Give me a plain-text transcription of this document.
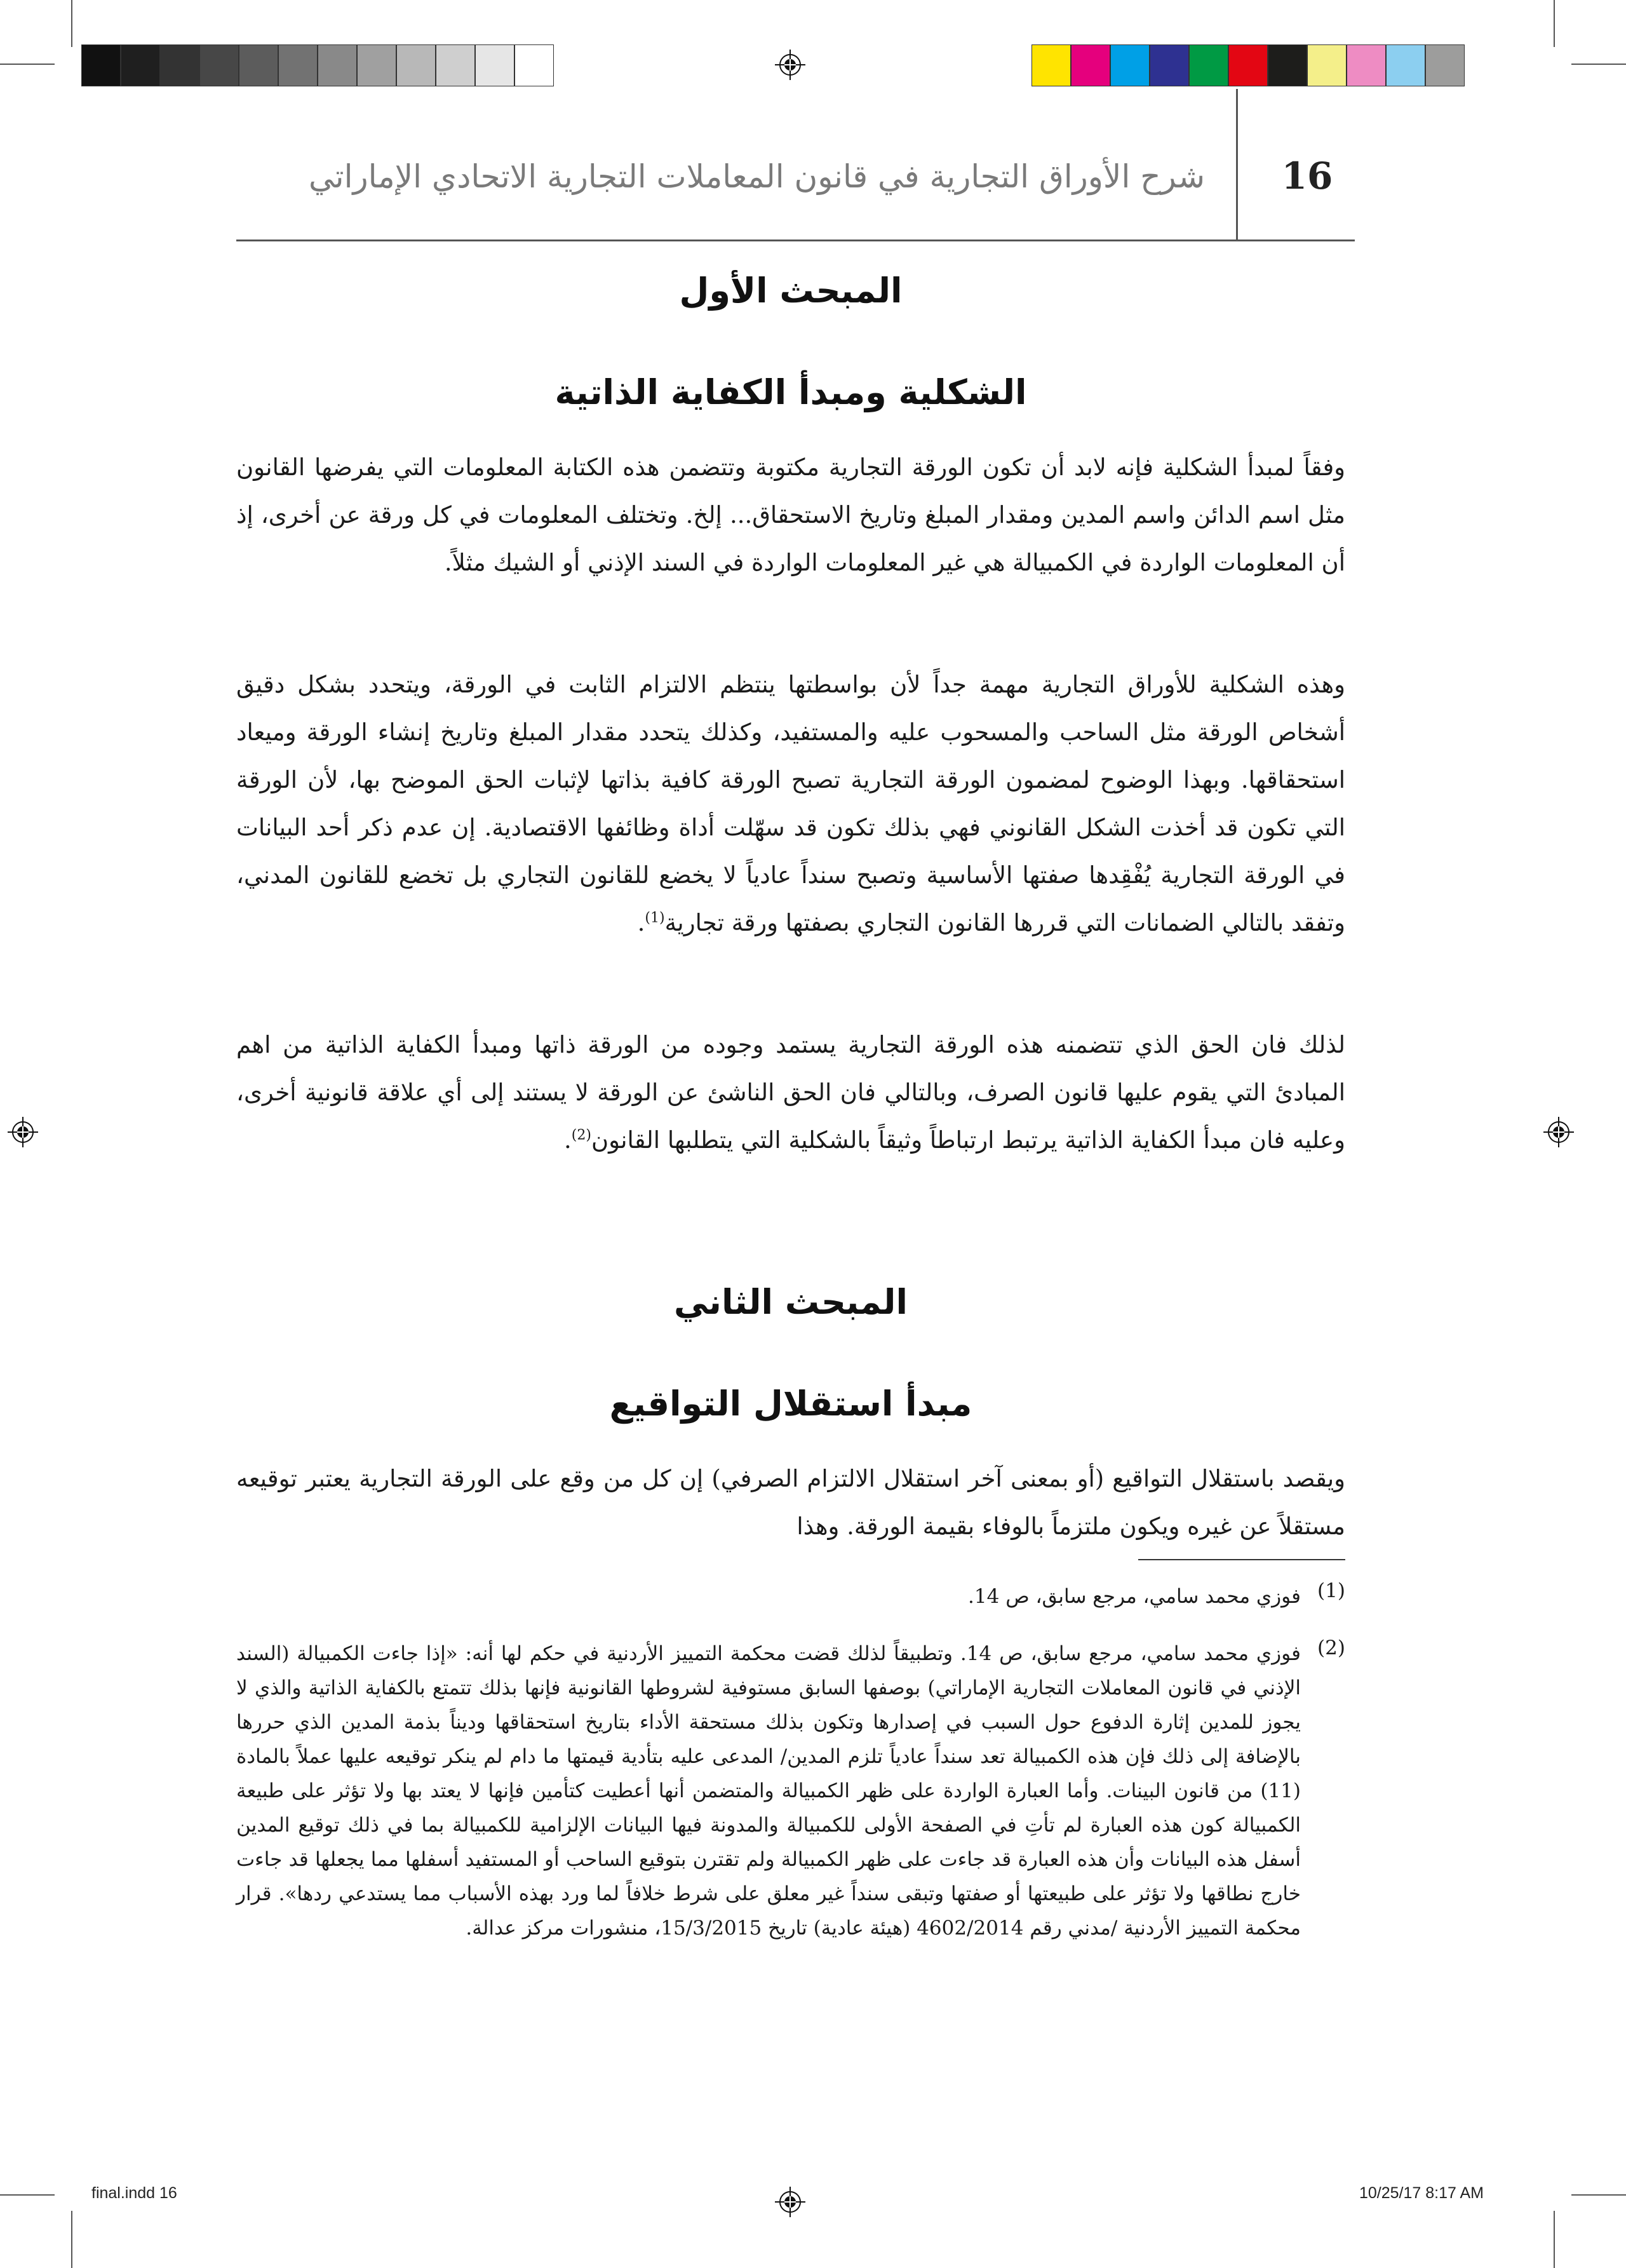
16
شرح الأوراق التجارية في قانون المعاملات التجارية الاتحادي الإماراتي
المبحث الأول
الشكلية ومبدأ الكفاية الذاتية
وفقاً لمبدأ الشكلية فإنه لابد أن تكون الورقة التجارية مكتوبة وتتضمن هذه الكتابة المعلومات التي يفرضها القانون مثل اسم الدائن واسم المدين ومقدار المبلغ وتاريخ الاستحقاق... إلخ. وتختلف المعلومات في كل ورقة عن أخرى، إذ أن المعلومات الواردة في الكمبيالة هي غير المعلومات الواردة في السند الإذني أو الشيك مثلاً.
وهذه الشكلية للأوراق التجارية مهمة جداً لأن بواسطتها ينتظم الالتزام الثابت في الورقة، ويتحدد بشكل دقيق أشخاص الورقة مثل الساحب والمسحوب عليه والمستفيد، وكذلك يتحدد مقدار المبلغ وتاريخ إنشاء الورقة وميعاد استحقاقها. وبهذا الوضوح لمضمون الورقة التجارية تصبح الورقة كافية بذاتها لإثبات الحق الموضح بها، لأن الورقة التي تكون قد أخذت الشكل القانوني فهي بذلك تكون قد سهّلت أداة وظائفها الاقتصادية. إن عدم ذكر أحد البيانات في الورقة التجارية يُفْقِدها صفتها الأساسية وتصبح سنداً عادياً لا يخضع للقانون التجاري بل تخضع للقانون المدني، وتفقد بالتالي الضمانات التي قررها القانون التجاري بصفتها ورقة تجارية$^{(1)}$.
لذلك فان الحق الذي تتضمنه هذه الورقة التجارية يستمد وجوده من الورقة ذاتها ومبدأ الكفاية الذاتية من اهم المبادئ التي يقوم عليها قانون الصرف، وبالتالي فان الحق الناشئ عن الورقة لا يستند إلى أي علاقة قانونية أخرى، وعليه فان مبدأ الكفاية الذاتية يرتبط ارتباطاً وثيقاً بالشكلية التي يتطلبها القانون$^{(2)}$.
المبحث الثاني
مبدأ استقلال التواقيع
ويقصد باستقلال التواقيع (أو بمعنى آخر استقلال الالتزام الصرفي) إن كل من وقع على الورقة التجارية يعتبر توقيعه مستقلاً عن غيره ويكون ملتزماً بالوفاء بقيمة الورقة. وهذا
(1)
فوزي محمد سامي، مرجع سابق، ص 14.
(2)
فوزي محمد سامي، مرجع سابق، ص 14. وتطبيقاً لذلك قضت محكمة التمييز الأردنية في حكم لها أنه: «إذا جاءت الكمبيالة (السند الإذني في قانون المعاملات التجارية الإماراتي) بوصفها السابق مستوفية لشروطها القانونية فإنها بذلك تتمتع بالكفاية الذاتية والذي لا يجوز للمدين إثارة الدفوع حول السبب في إصدارها وتكون بذلك مستحقة الأداء بتاريخ استحقاقها وديناً بذمة المدين الذي حررها بالإضافة إلى ذلك فإن هذه الكمبيالة تعد سنداً عادياً تلزم المدين/ المدعى عليه بتأدية قيمتها ما دام لم ينكر توقيعه عليها عملاً بالمادة (11) من قانون البينات. وأما العبارة الواردة على ظهر الكمبيالة والمتضمن أنها أعطيت كتأمين فإنها لا يعتد بها ولا تؤثر على طبيعة الكمبيالة كون هذه العبارة لم تأتِ في الصفحة الأولى للكمبيالة والمدونة فيها البيانات الإلزامية للكمبيالة بما في ذلك توقيع المدين أسفل هذه البيانات وأن هذه العبارة قد جاءت على ظهر الكمبيالة ولم تقترن بتوقيع الساحب أو المستفيد أسفلها مما يجعلها قد جاءت خارج نطاقها ولا تؤثر على طبيعتها أو صفتها وتبقى سنداً غير معلق على شرط خلافاً لما ورد بهذه الأسباب مما يستدعي ردها». قرار محكمة التمييز الأردنية /مدني رقم 4602/2014 (هيئة عادية) تاريخ 15/3/2015، منشورات مركز عدالة.
final.indd 16	10/25/17 8:17 AM
